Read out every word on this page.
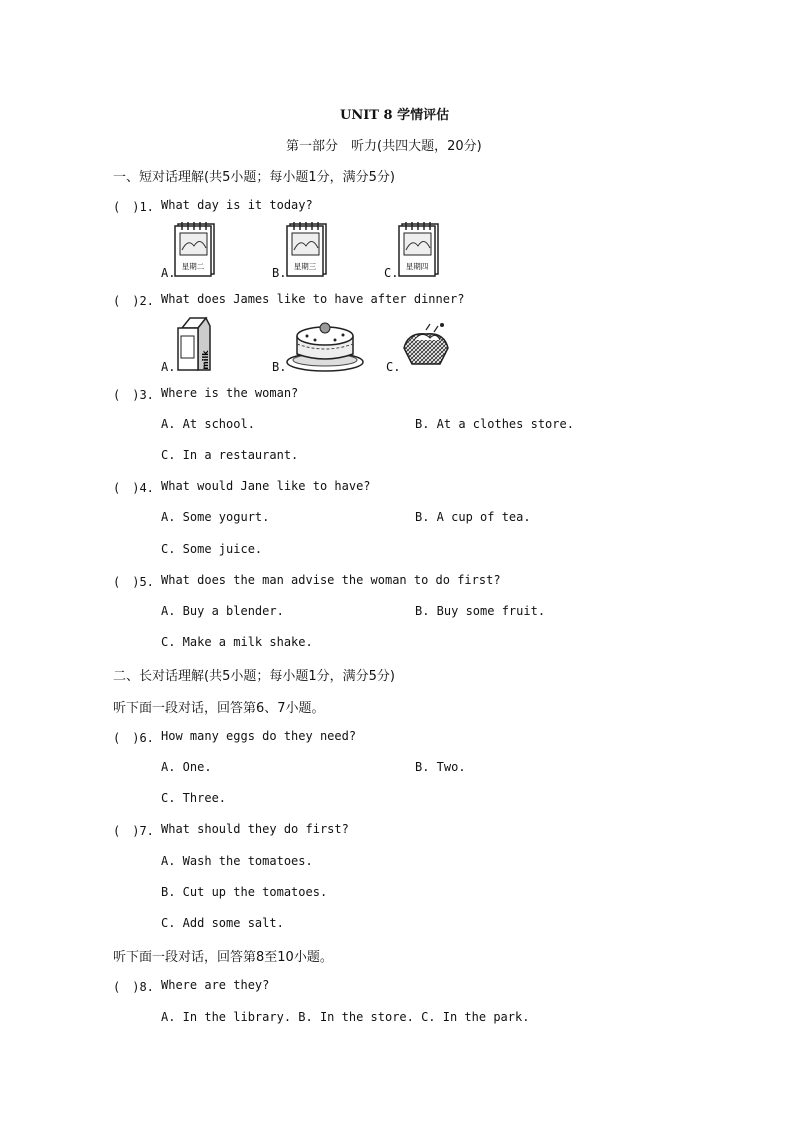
UNIT 8 学情评估
第一部分　听力(共四大题，20分)
一、短对话理解(共5小题；每小题1分，满分5分)
(　)1. What day is it today?
A. 星期二	B. 星期三	C. 星期四
(　)2. What does James like to have after dinner?
A.	milk	B.	C.
(　)3. Where is the woman?
A. At school.	B. At a clothes store.
C. In a restaurant.
(　)4. What would Jane like to have?
A. Some yogurt.	B. A cup of tea.
C. Some juice.
(　)5. What does the man advise the woman to do first?
A. Buy a blender.	B. Buy some fruit.
C. Make a milk shake.
二、长对话理解(共5小题；每小题1分，满分5分)
听下面一段对话，回答第6、7小题。
(　)6. How many eggs do they need?
A. One.	B. Two.
C. Three.
(　)7. What should they do first?
A. Wash the tomatoes.
B. Cut up the tomatoes.
C. Add some salt.
听下面一段对话，回答第8至10小题。
(　)8. Where are they?
A. In the library. B. In the store. C. In the park.
